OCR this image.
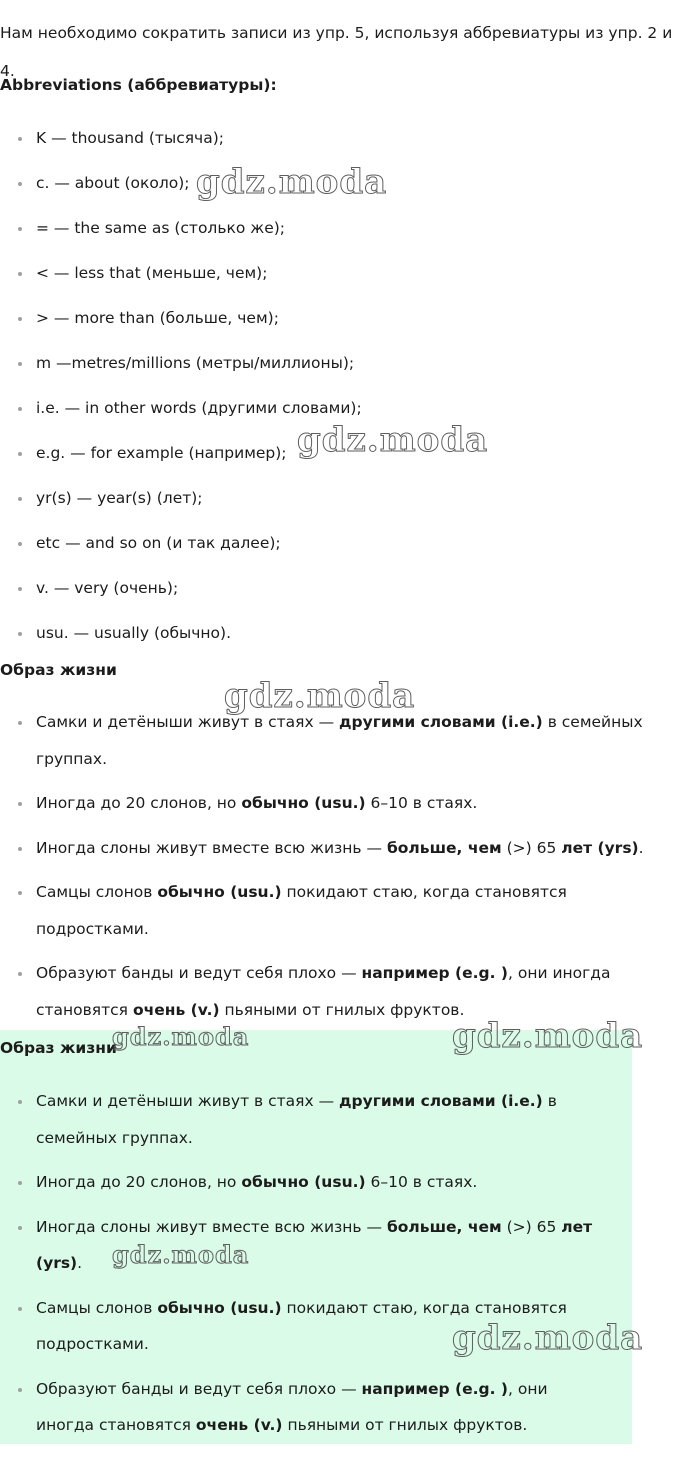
Нам необходимо сократить записи из упр. 5, используя аббревиатуры из упр. 2 и 4.

Abbreviations (аббревиатуры):

K — thousand (тысяча);
c. — about (около);
= — the same as (столько же);
< — less that (меньше, чем);
> — more than (больше, чем);
m —metres/millions (метры/миллионы);
i.e. — in other words (другими словами);
e.g. — for example (например);
yr(s) — year(s) (лет);
etc — and so on (и так далее);
v. — very (очень);
usu. — usually (обычно).

Образ жизни

Самки и детёныши живут в стаях — другими словами (i.e.) в семейных группах.
Иногда до 20 слонов, но обычно (usu.) 6–10 в стаях.
Иногда слоны живут вместе всю жизнь — больше, чем (>) 65 лет (yrs).
Самцы слонов обычно (usu.) покидают стаю, когда становятся подростками.
Образуют банды и ведут себя плохо — например (e.g. ), они иногда становятся очень (v.) пьяными от гнилых фруктов.

Образ жизни

Самки и детёныши живут в стаях — другими словами (i.e.) в семейных группах.
Иногда до 20 слонов, но обычно (usu.) 6–10 в стаях.
Иногда слоны живут вместе всю жизнь — больше, чем (>) 65 лет (yrs).
Самцы слонов обычно (usu.) покидают стаю, когда становятся подростками.
Образуют банды и ведут себя плохо — например (e.g. ), они иногда становятся очень (v.) пьяными от гнилых фруктов.
gdz.moda
gdz.moda
gdz.moda
gdz.moda	gdz.moda
gdz.moda
gdz.moda
